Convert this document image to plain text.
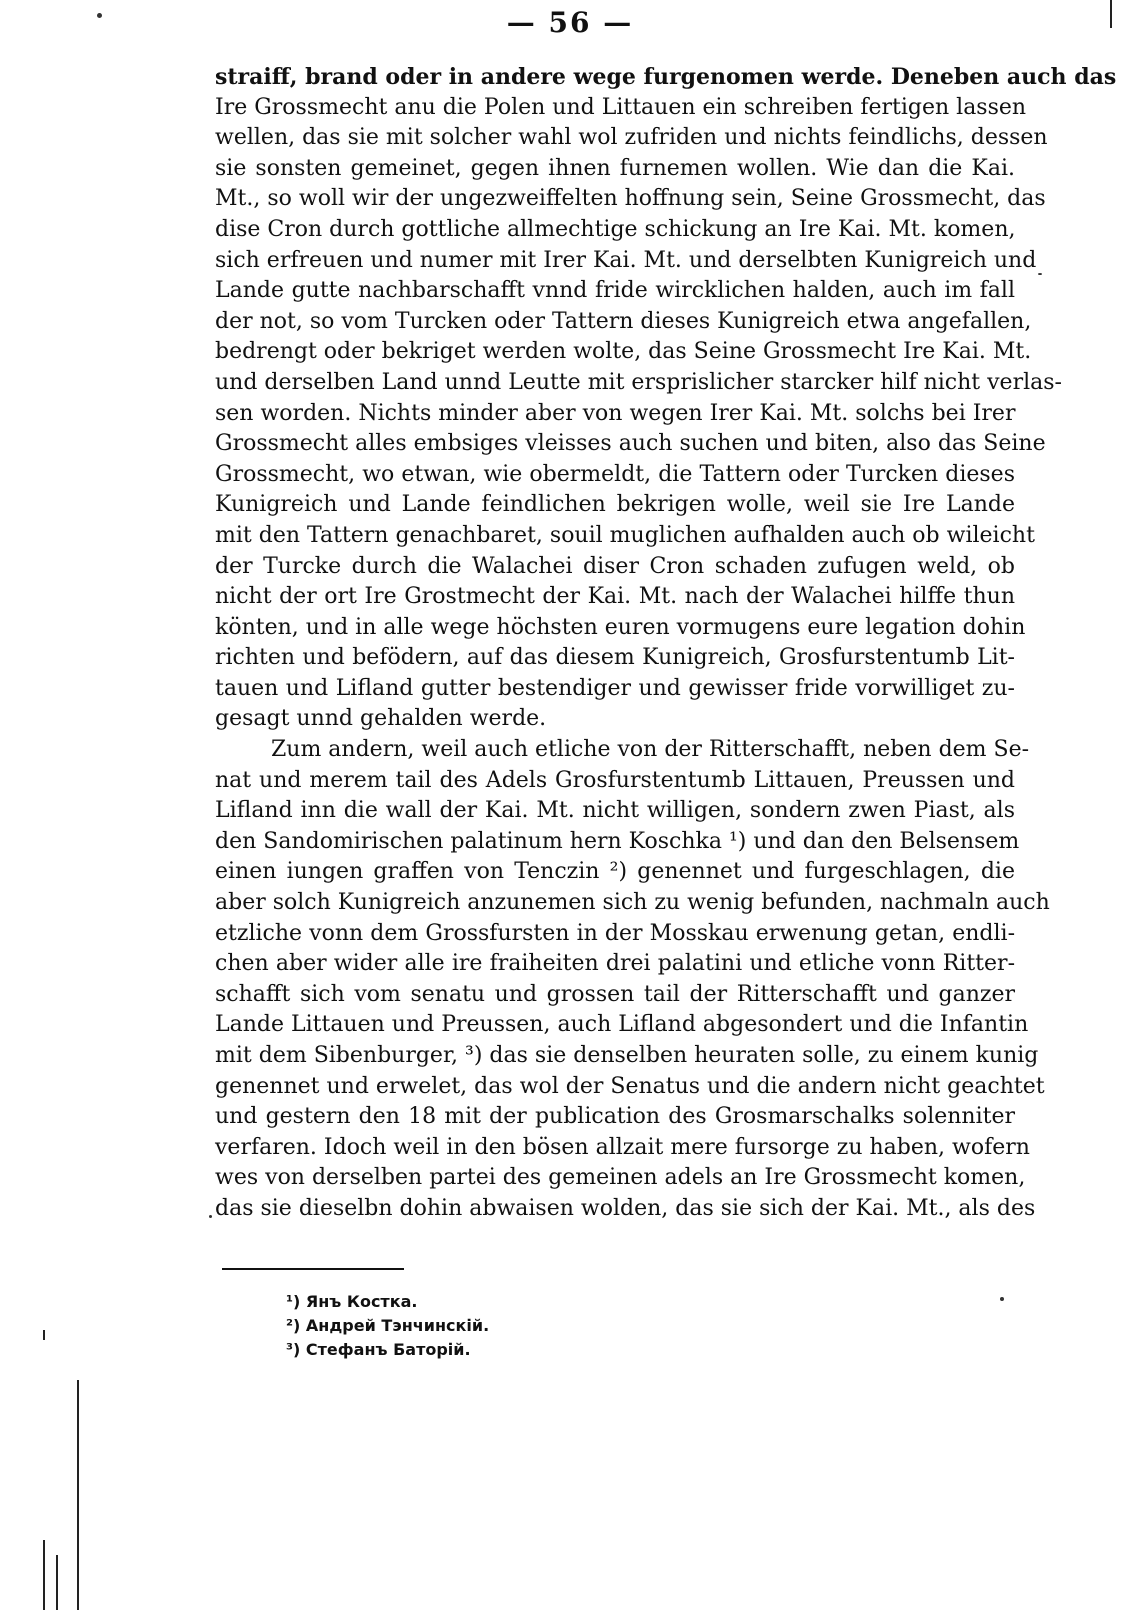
— 56 —
straiff, brand oder in andere wege furgenomen werde. Deneben auch das
Ire Grossmecht anu die Polen und Littauen ein schreiben fertigen lassen
wellen, das sie mit solcher wahl wol zufriden und nichts feindlichs, dessen
sie sonsten gemeinet, gegen ihnen furnemen wollen. Wie dan die Kai.
Mt., so woll wir der ungezweiffelten hoffnung sein, Seine Grossmecht, das
dise Cron durch gottliche allmechtige schickung an Ire Kai. Mt. komen,
sich erfreuen und numer mit Irer Kai. Mt. und derselbten Kunigreich und
Lande gutte nachbarschafft vnnd fride wircklichen halden, auch im fall
der not, so vom Turcken oder Tattern dieses Kunigreich etwa angefallen,
bedrengt oder bekriget werden wolte, das Seine Grossmecht Ire Kai. Mt.
und derselben Land unnd Leutte mit ersprislicher starcker hilf nicht verlas-
sen worden. Nichts minder aber von wegen Irer Kai. Mt. solchs bei Irer
Grossmecht alles embsiges vleisses auch suchen und biten, also das Seine
Grossmecht, wo etwan, wie obermeldt, die Tattern oder Turcken dieses
Kunigreich und Lande feindlichen bekrigen wolle, weil sie Ire Lande
mit den Tattern genachbaret, souil muglichen aufhalden auch ob wileicht
der Turcke durch die Walachei diser Cron schaden zufugen weld, ob
nicht der ort Ire Grostmecht der Kai. Mt. nach der Walachei hilffe thun
könten, und in alle wege höchsten euren vormugens eure legation dohin
richten und befödern, auf das diesem Kunigreich, Grosfurstentumb Lit-
tauen und Lifland gutter bestendiger und gewisser fride vorwilliget zu-
gesagt unnd gehalden werde.
Zum andern, weil auch etliche von der Ritterschafft, neben dem Se-
nat und merem tail des Adels Grosfurstentumb Littauen, Preussen und
Lifland inn die wall der Kai. Mt. nicht willigen, sondern zwen Piast, als
den Sandomirischen palatinum hern Koschka ¹) und dan den Belsensem
einen iungen graffen von Tenczin ²) genennet und furgeschlagen, die
aber solch Kunigreich anzunemen sich zu wenig befunden, nachmaln auch
etzliche vonn dem Grossfursten in der Mosskau erwenung getan, endli-
chen aber wider alle ire fraiheiten drei palatini und etliche vonn Ritter-
schafft sich vom senatu und grossen tail der Ritterschafft und ganzer
Lande Littauen und Preussen, auch Lifland abgesondert und die Infantin
mit dem Sibenburger, ³) das sie denselben heuraten solle, zu einem kunig
genennet und erwelet, das wol der Senatus und die andern nicht geachtet
und gestern den 18 mit der publication des Grosmarschalks solenniter
verfaren. Idoch weil in den bösen allzait mere fursorge zu haben, wofern
wes von derselben partei des gemeinen adels an Ire Grossmecht komen,
das sie dieselbn dohin abwaisen wolden, das sie sich der Kai. Mt., als des
¹) Янъ Костка.
²) Андрей Тэнчинскій.
³) Стефанъ Баторій.
